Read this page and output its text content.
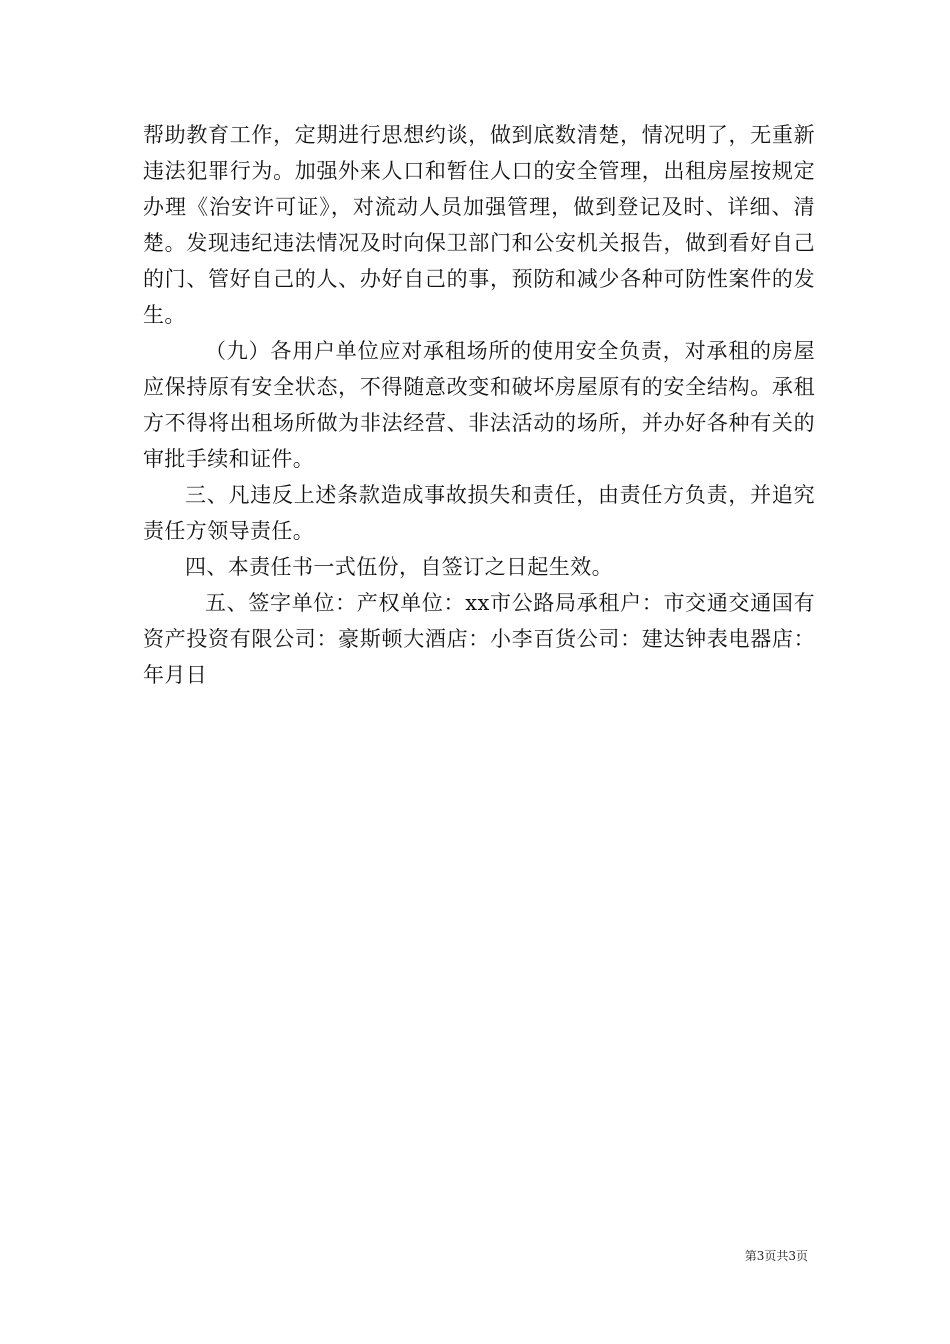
帮助教育工作，定期进行思想约谈，做到底数清楚，情况明了，无重新违法犯罪行为。加强外来人口和暂住人口的安全管理，出租房屋按规定办理《治安许可证》，对流动人员加强管理，做到登记及时、详细、清楚。发现违纪违法情况及时向保卫部门和公安机关报告，做到看好自己的门、管好自己的人、办好自己的事，预防和减少各种可防性案件的发生。

（九）各用户单位应对承租场所的使用安全负责，对承租的房屋应保持原有安全状态，不得随意改变和破坏房屋原有的安全结构。承租方不得将出租场所做为非法经营、非法活动的场所，并办好各种有关的审批手续和证件。

三、凡违反上述条款造成事故损失和责任，由责任方负责，并追究责任方领导责任。

四、本责任书一式伍份，自签订之日起生效。

五、签字单位：产权单位：xx市公路局承租户：市交通交通国有资产投资有限公司：豪斯顿大酒店：小李百货公司：建达钟表电器店：年月日

第3页共3页
